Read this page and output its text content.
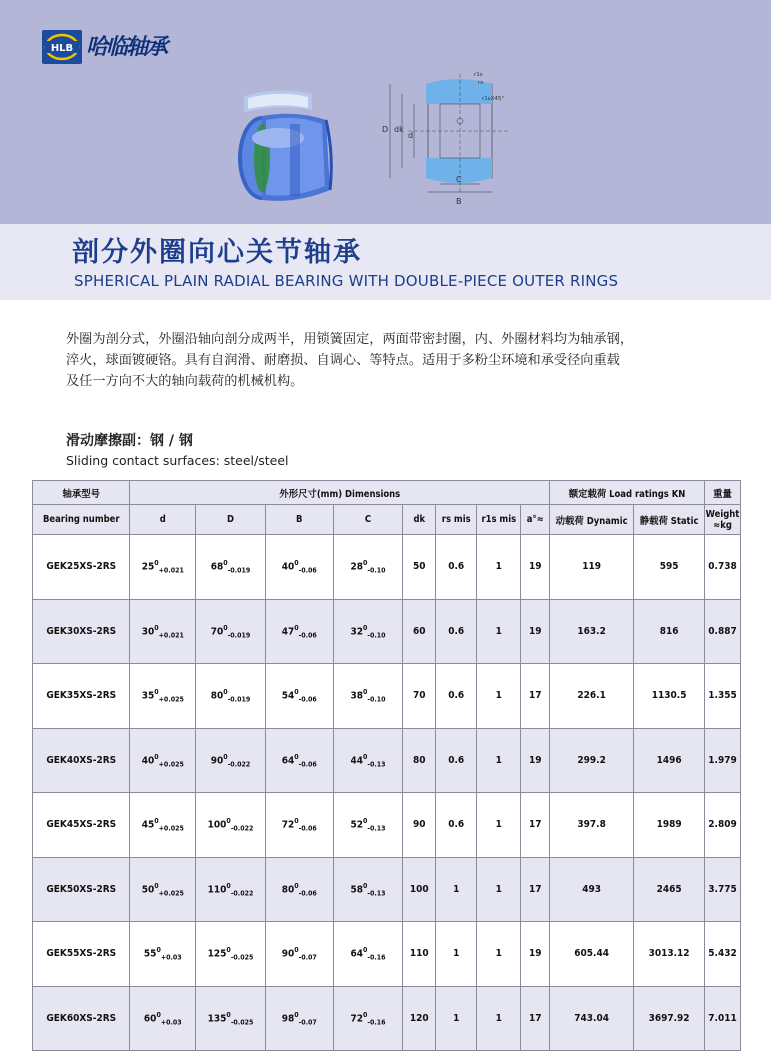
HLB 哈临轴承
D dk
d
C
B
r1s
rs
r1sX45°
剖分外圈向心关节轴承
SPHERICAL PLAIN RADIAL BEARING WITH DOUBLE-PIECE OUTER RINGS
外圈为剖分式，外圈沿轴向剖分成两半，用锁簧固定，两面带密封圈，内、外圈材料均为轴承钢，
淬火，球面镀硬铬。具有自润滑、耐磨损、自调心、等特点。适用于多粉尘环境和承受径向重载
及任一方向不大的轴向载荷的机械机构。
滑动摩擦副：钢 / 钢
Sliding contact surfaces: steel/steel
轴承型号	外形尺寸(mm) Dimensions								额定载荷 Load ratings KN		重量
Bearing number	d	D	B	C	dk	rs mis	r1s mis	a°≈	动载荷 Dynamic	静载荷 Static	Weight
≈kg

GEK25XS-2RS	$25^0_{+0.021}$	$68^0_{-0.019}$	$40^0_{-0.06}$	$28^0_{-0.10}$	50	0.6	1	19	119	595	0.738
GEK30XS-2RS	$30^0_{+0.021}$	$70^0_{-0.019}$	$47^0_{-0.06}$	$32^0_{-0.10}$	60	0.6	1	19	163.2	816	0.887
GEK35XS-2RS	$35^0_{+0.025}$	$80^0_{-0.019}$	$54^0_{-0.06}$	$38^0_{-0.10}$	70	0.6	1	17	226.1	1130.5	1.355
GEK40XS-2RS	$40^0_{+0.025}$	$90^0_{-0.022}$	$64^0_{-0.06}$	$44^0_{-0.13}$	80	0.6	1	19	299.2	1496	1.979
GEK45XS-2RS	$45^0_{+0.025}$	$100^0_{-0.022}$	$72^0_{-0.06}$	$52^0_{-0.13}$	90	0.6	1	17	397.8	1989	2.809
GEK50XS-2RS	$50^0_{+0.025}$	$110^0_{-0.022}$	$80^0_{-0.06}$	$58^0_{-0.13}$	100	1	1	17	493	2465	3.775
GEK55XS-2RS	$55^0_{+0.03}$	$125^0_{-0.025}$	$90^0_{-0.07}$	$64^0_{-0.16}$	110	1	1	19	605.44	3013.12	5.432
GEK60XS-2RS	$60^0_{+0.03}$	$135^0_{-0.025}$	$98^0_{-0.07}$	$72^0_{-0.16}$	120	1	1	17	743.04	3697.92	7.011
